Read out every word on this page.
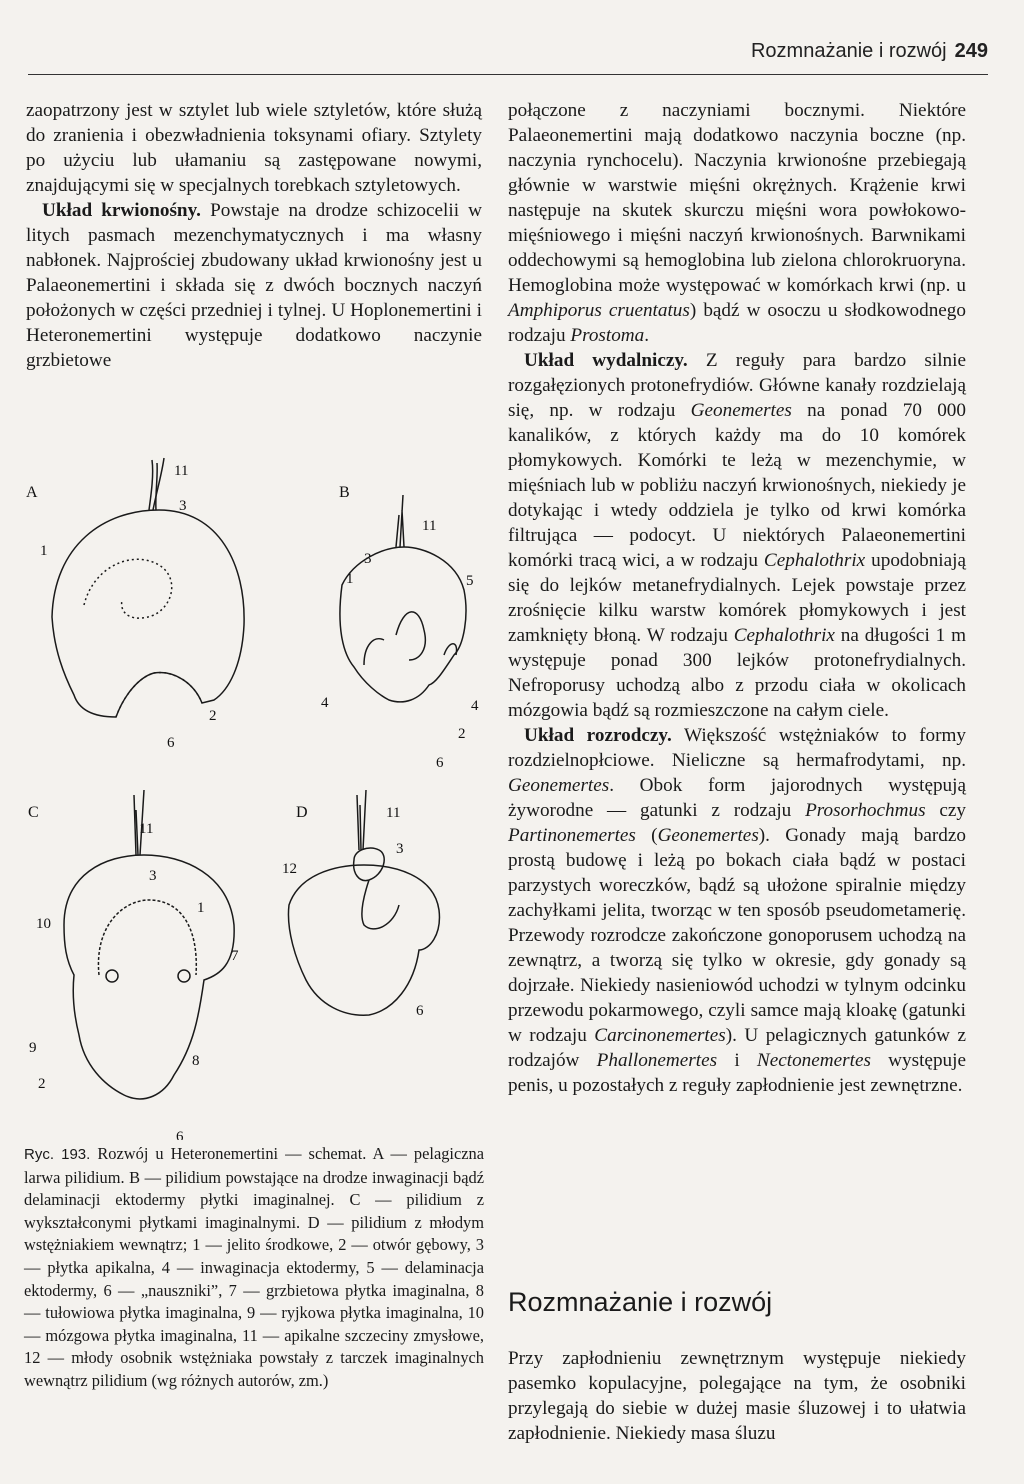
Rozmnażanie i rozwój 249

zaopatrzony jest w sztylet lub wiele sztyletów, które służą do zranienia i obezwładnienia toksynami ofiary. Sztylety po użyciu lub ułamaniu są zastępowane nowymi, znajdującymi się w specjalnych torebkach sztyletowych.

Układ krwionośny. Powstaje na drodze schizocelii w litych pasmach mezenchymatycznych i ma własny nabłonek. Najprościej zbudowany układ krwionośny jest u Palaeonemertini i składa się z dwóch bocznych naczyń położonych w części przedniej i tylnej. U Hoplonemertini i Heteronemertini występuje dodatkowo naczynie grzbietowe

A	B
C	D
11
3
1
2
6
11
3
1	5
4	4
2
6
11
3
1
10
7
9
8
2
6
11
3
12
6
Ryc. 193. Rozwój u Heteronemertini — schemat. A — pelagiczna larwa pilidium. B — pilidium powstające na drodze inwaginacji bądź delaminacji ektodermy płytki imaginalnej. C — pilidium z wykształconymi płytkami imaginalnymi. D — pilidium z młodym wstężniakiem wewnątrz; 1 — jelito środkowe, 2 — otwór gębowy, 3 — płytka apikalna, 4 — inwaginacja ektodermy, 5 — delaminacja ektodermy, 6 — „nauszniki”, 7 — grzbietowa płytka imaginalna, 8 — tułowiowa płytka imaginalna, 9 — ryjkowa płytka imaginalna, 10 — mózgowa płytka imaginalna, 11 — apikalne szczeciny zmysłowe, 12 — młody osobnik wstężniaka powstały z tarczek imaginalnych wewnątrz pilidium (wg różnych autorów, zm.)

połączone z naczyniami bocznymi. Niektóre Palaeonemertini mają dodatkowo naczynia boczne (np. naczynia rynchocelu). Naczynia krwionośne przebiegają głównie w warstwie mięśni okrężnych. Krążenie krwi następuje na skutek skurczu mięśni wora powłokowo-mięśniowego i mięśni naczyń krwionośnych. Barwnikami oddechowymi są hemoglobina lub zielona chlorokruoryna. Hemoglobina może występować w komórkach krwi (np. u Amphiporus cruentatus) bądź w osoczu u słodkowodnego rodzaju Prostoma.

Układ wydalniczy. Z reguły para bardzo silnie rozgałęzionych protonefrydiów. Główne kanały rozdzielają się, np. w rodzaju Geonemertes na ponad 70 000 kanalików, z których każdy ma do 10 komórek płomykowych. Komórki te leżą w mezenchymie, w mięśniach lub w pobliżu naczyń krwionośnych, niekiedy je dotykając i wtedy oddziela je tylko od krwi komórka filtrująca — podocyt. U niektórych Palaeonemertini komórki tracą wici, a w rodzaju Cephalothrix upodobniają się do lejków metanefrydialnych. Lejek powstaje przez zrośnięcie kilku warstw komórek płomykowych i jest zamknięty błoną. W rodzaju Cephalothrix na długości 1 m występuje ponad 300 lejków protonefrydialnych. Nefroporusy uchodzą albo z przodu ciała w okolicach mózgowia bądź są rozmieszczone na całym ciele.

Układ rozrodczy. Większość wstężniaków to formy rozdzielnopłciowe. Nieliczne są hermafrodytami, np. Geonemertes. Obok form jajorodnych występują żyworodne — gatunki z rodzaju Prosorhochmus czy Partinonemertes (Geonemertes). Gonady mają bardzo prostą budowę i leżą po bokach ciała bądź w postaci parzystych woreczków, bądź są ułożone spiralnie między zachyłkami jelita, tworząc w ten sposób pseudometamerię. Przewody rozrodcze zakończone gonoporusem uchodzą na zewnątrz, a tworzą się tylko w okresie, gdy gonady są dojrzałe. Niekiedy nasieniowód uchodzi w tylnym odcinku przewodu pokarmowego, czyli samce mają kloakę (gatunki w rodzaju Carcinonemertes). U pelagicznych gatunków z rodzajów Phallonemertes i Nectonemertes występuje penis, u pozostałych z reguły zapłodnienie jest zewnętrzne.

Rozmnażanie i rozwój

Przy zapłodnieniu zewnętrznym występuje niekiedy pasemko kopulacyjne, polegające na tym, że osobniki przylegają do siebie w dużej masie śluzowej i to ułatwia zapłodnienie. Niekiedy masa śluzu
